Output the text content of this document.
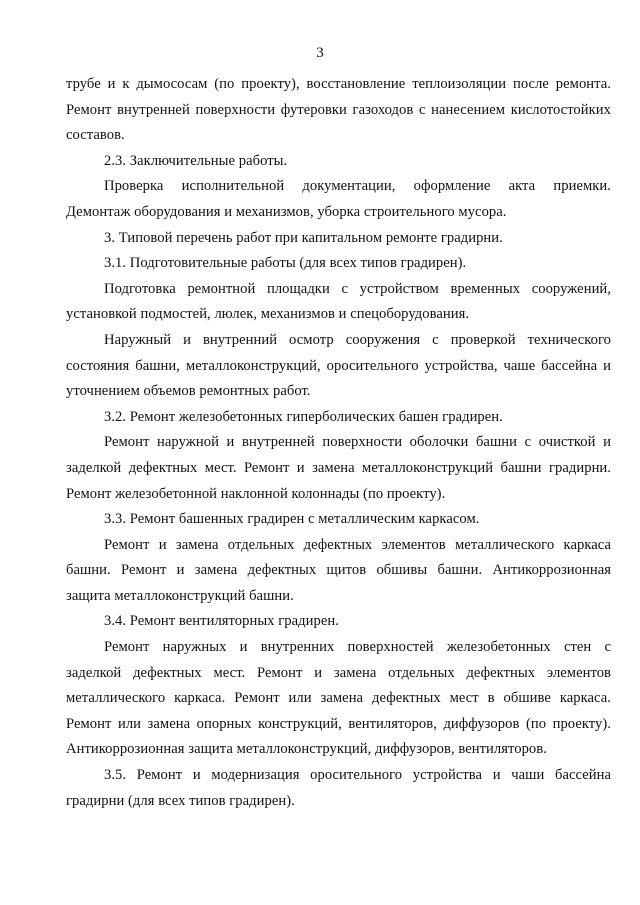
3

трубе и к дымососам (по проекту), восстановление теплоизоляции после ремонта.
Ремонт внутренней поверхности футеровки газоходов с нанесением кислотостойких
составов.

2.3. Заключительные работы.

Проверка исполнительной документации, оформление акта приемки.
Демонтаж оборудования и механизмов, уборка строительного мусора.

3. Типовой перечень работ при капитальном ремонте градирни.

3.1. Подготовительные работы (для всех типов градирен).

Подготовка ремонтной площадки с устройством временных сооружений,
установкой подмостей, люлек, механизмов и спецоборудования.

Наружный и внутренний осмотр сооружения с проверкой технического
состояния башни, металлоконструкций, оросительного устройства, чаше бассейна и
уточнением объемов ремонтных работ.

3.2. Ремонт железобетонных гиперболических башен градирен.

Ремонт наружной и внутренней поверхности оболочки башни с очисткой и
заделкой дефектных мест. Ремонт и замена металлоконструкций башни градирни.
Ремонт железобетонной наклонной колоннады (по проекту).

3.3. Ремонт башенных градирен с металлическим каркасом.

Ремонт и замена отдельных дефектных элементов металлического каркаса
башни. Ремонт и замена дефектных щитов обшивы башни. Антикоррозионная
защита металлоконструкций башни.

3.4. Ремонт вентиляторных градирен.

Ремонт наружных и внутренних поверхностей железобетонных стен с
заделкой дефектных мест. Ремонт и замена отдельных дефектных элементов
металлического каркаса. Ремонт или замена дефектных мест в обшиве каркаса.
Ремонт или замена опорных конструкций, вентиляторов, диффузоров (по проекту).
Антикоррозионная защита металлоконструкций, диффузоров, вентиляторов.

3.5. Ремонт и модернизация оросительного устройства и чаши бассейна
градирни (для всех типов градирен).
